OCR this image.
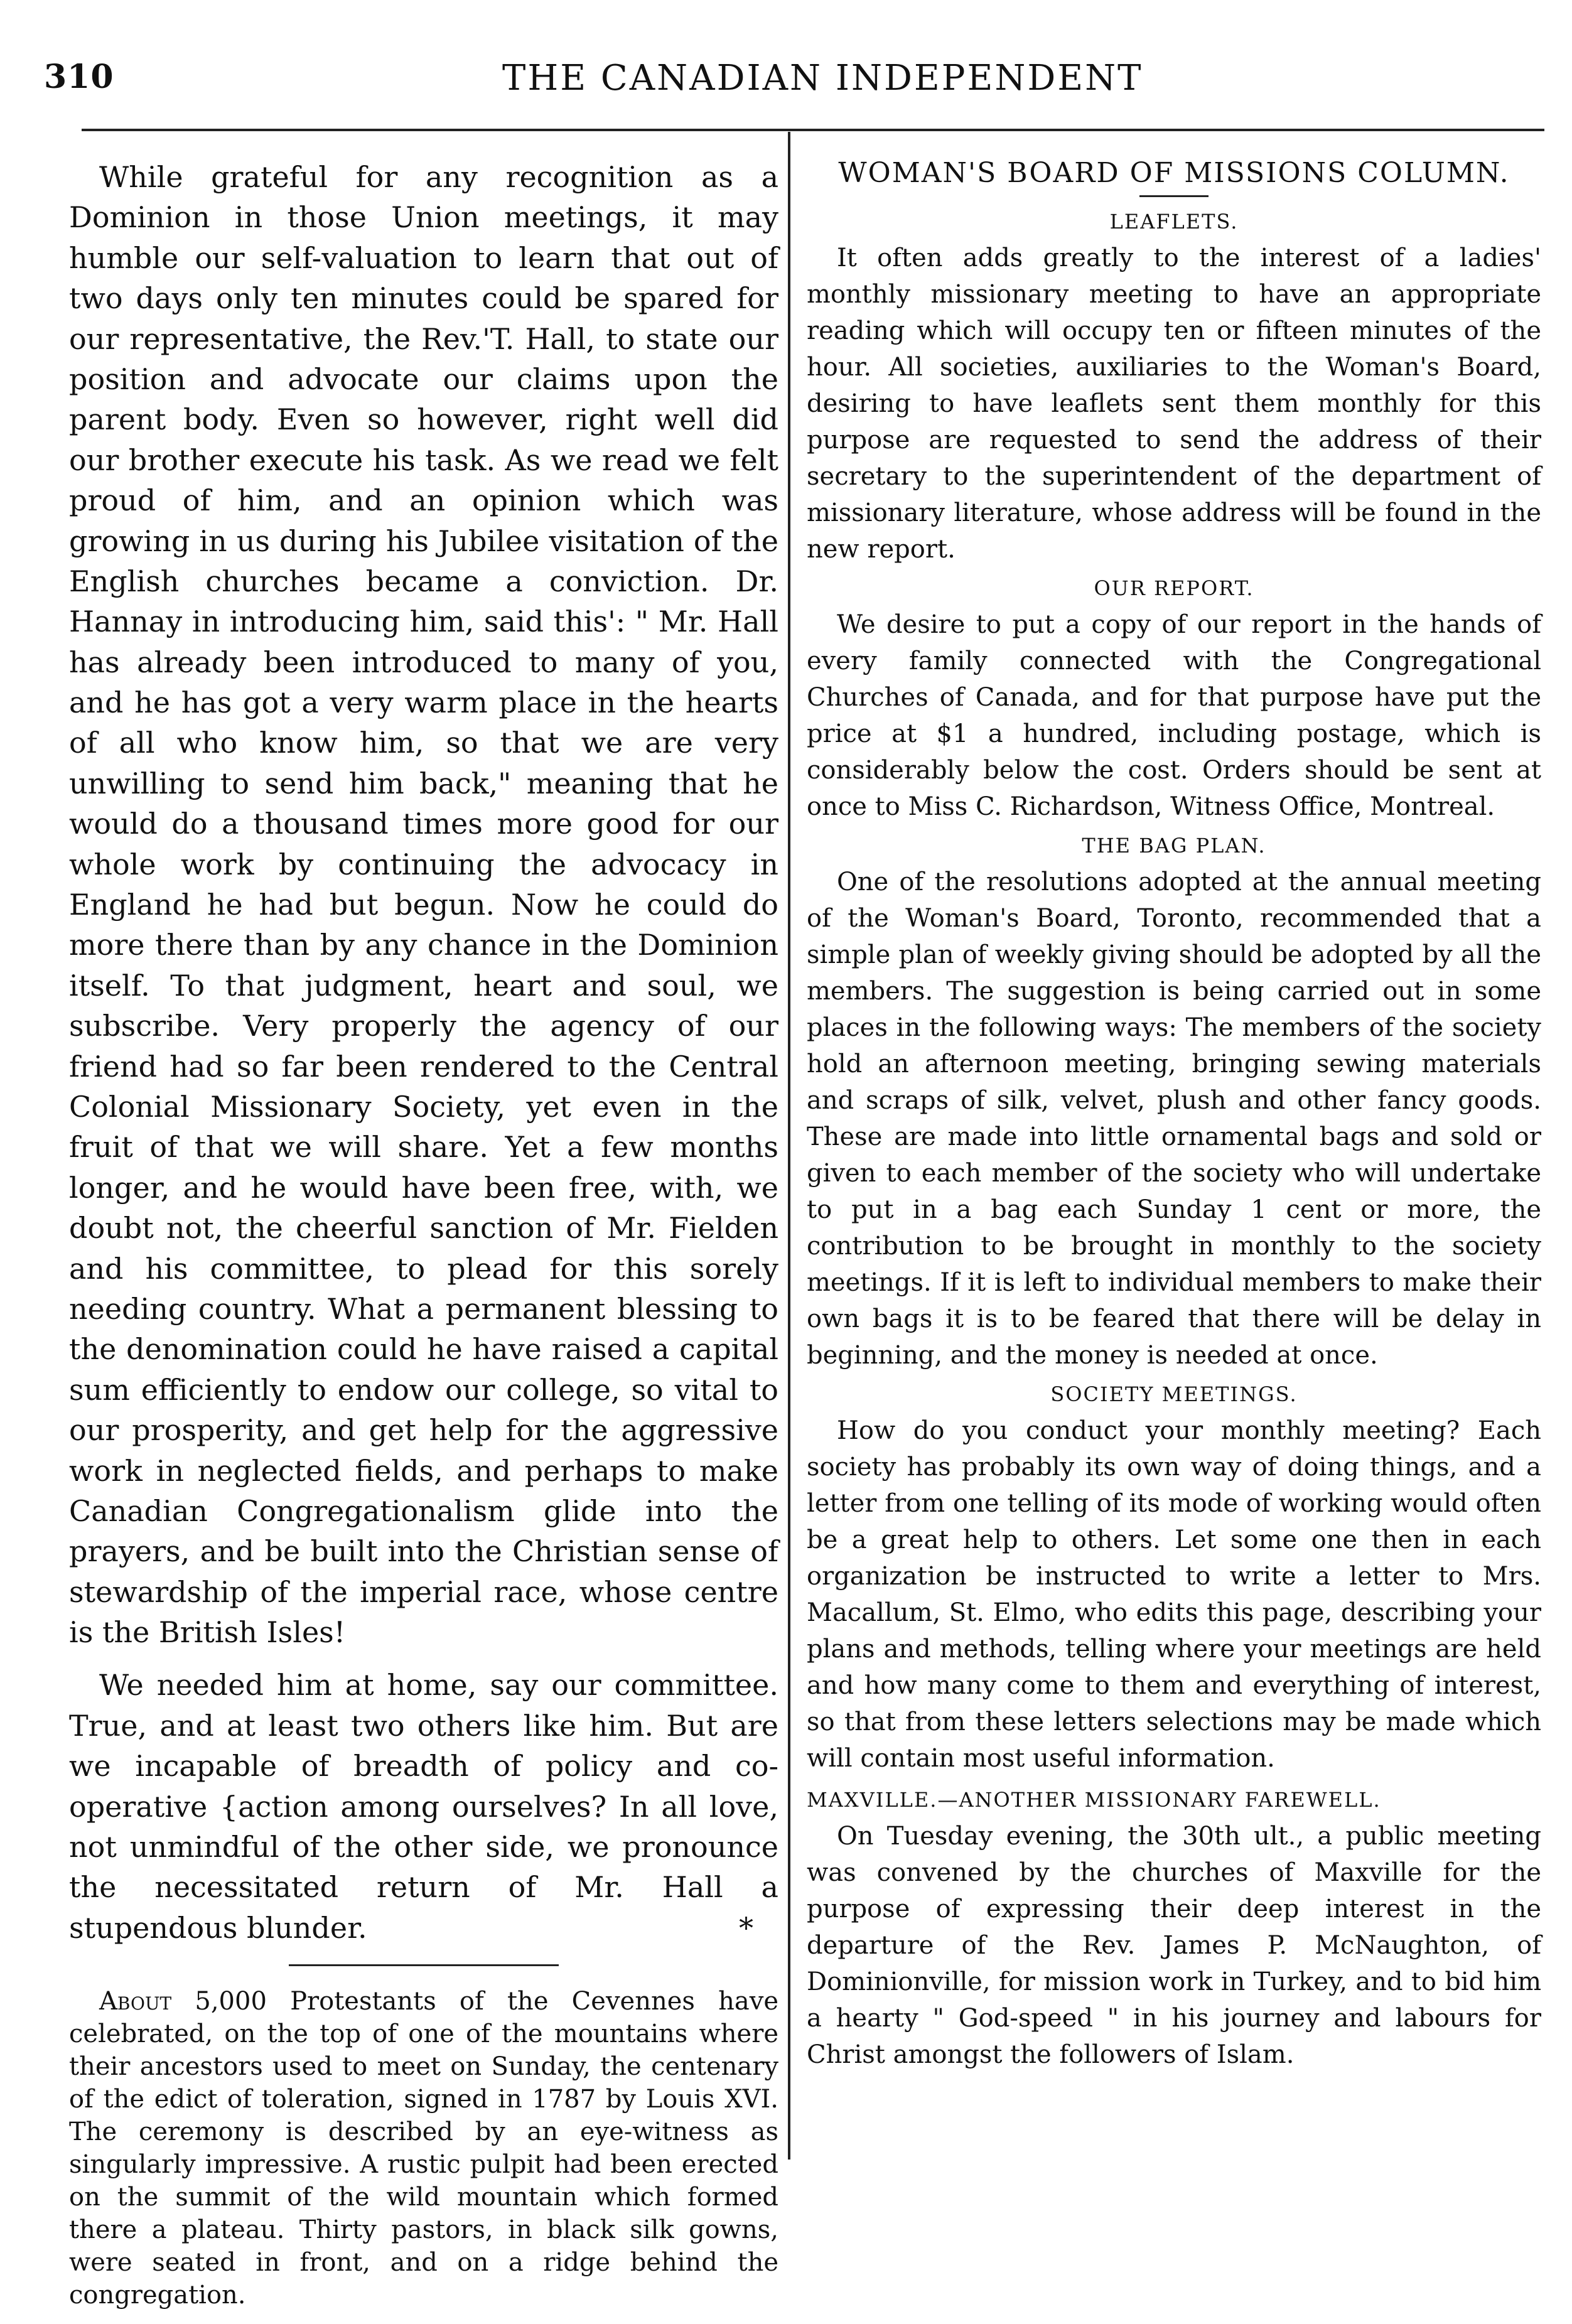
310	THE CANADIAN INDEPENDENT

While grateful for any recognition as a Dominion in those Union meetings, it may humble our self-valuation to learn that out of two days only ten minutes could be spared for our representative, the Rev.'T. Hall, to state our position and advocate our claims upon the parent body. Even so however, right well did our brother execute his task. As we read we felt proud of him, and an opinion which was growing in us during his Jubilee visitation of the English churches became a conviction. Dr. Hannay in introducing him, said this': " Mr. Hall has already been introduced to many of you, and he has got a very warm place in the hearts of all who know him, so that we are very unwilling to send him back," meaning that he would do a thousand times more good for our whole work by continuing the advocacy in England he had but begun. Now he could do more there than by any chance in the Dominion itself. To that judgment, heart and soul, we subscribe. Very properly the agency of our friend had so far been rendered to the Central Colonial Missionary Society, yet even in the fruit of that we will share. Yet a few months longer, and he would have been free, with, we doubt not, the cheerful sanction of Mr. Fielden and his committee, to plead for this sorely needing country. What a permanent blessing to the denomination could he have raised a capital sum efficiently to endow our college, so vital to our prosperity, and get help for the aggressive work in neglected fields, and perhaps to make Canadian Congregationalism glide into the prayers, and be built into the Christian sense of stewardship of the imperial race, whose centre is the British Isles!

We needed him at home, say our committee. True, and at least two others like him. But are we incapable of breadth of policy and co-operative {action among ourselves? In all love, not unmindful of the other side, we pronounce the necessitated return of Mr. Hall a stupendous blunder.	*

About 5,000 Protestants of the Cevennes have celebrated, on the top of one of the mountains where their ancestors used to meet on Sunday, the centenary of the edict of toleration, signed in 1787 by Louis XVI. The ceremony is described by an eye-witness as singularly impressive. A rustic pulpit had been erected on the summit of the wild mountain which formed there a plateau. Thirty pastors, in black silk gowns, were seated in front, and on a ridge behind the congregation.

WOMAN'S BOARD OF MISSIONS COLUMN.
LEAFLETS.

It often adds greatly to the interest of a ladies' monthly missionary meeting to have an appropriate reading which will occupy ten or fifteen minutes of the hour. All societies, auxiliaries to the Woman's Board, desiring to have leaflets sent them monthly for this purpose are requested to send the address of their secretary to the superintendent of the department of missionary literature, whose address will be found in the new report.

OUR REPORT.

We desire to put a copy of our report in the hands of every family connected with the Congregational Churches of Canada, and for that purpose have put the price at $1 a hundred, including postage, which is considerably below the cost. Orders should be sent at once to Miss C. Richardson, Witness Office, Montreal.

THE BAG PLAN.

One of the resolutions adopted at the annual meeting of the Woman's Board, Toronto, recommended that a simple plan of weekly giving should be adopted by all the members. The suggestion is being carried out in some places in the following ways: The members of the society hold an afternoon meeting, bringing sewing materials and scraps of silk, velvet, plush and other fancy goods. These are made into little ornamental bags and sold or given to each member of the society who will undertake to put in a bag each Sunday 1 cent or more, the contribution to be brought in monthly to the society meetings. If it is left to individual members to make their own bags it is to be feared that there will be delay in beginning, and the money is needed at once.

SOCIETY MEETINGS.

How do you conduct your monthly meeting? Each society has probably its own way of doing things, and a letter from one telling of its mode of working would often be a great help to others. Let some one then in each organization be instructed to write a letter to Mrs. Macallum, St. Elmo, who edits this page, describing your plans and methods, telling where your meetings are held and how many come to them and everything of interest, so that from these letters selections may be made which will contain most useful information.

MAXVILLE.—ANOTHER MISSIONARY FAREWELL.

On Tuesday evening, the 30th ult., a public meeting was convened by the churches of Maxville for the purpose of expressing their deep interest in the departure of the Rev. James P. McNaughton, of Dominionville, for mission work in Turkey, and to bid him a hearty " God-speed " in his journey and labours for Christ amongst the followers of Islam.
